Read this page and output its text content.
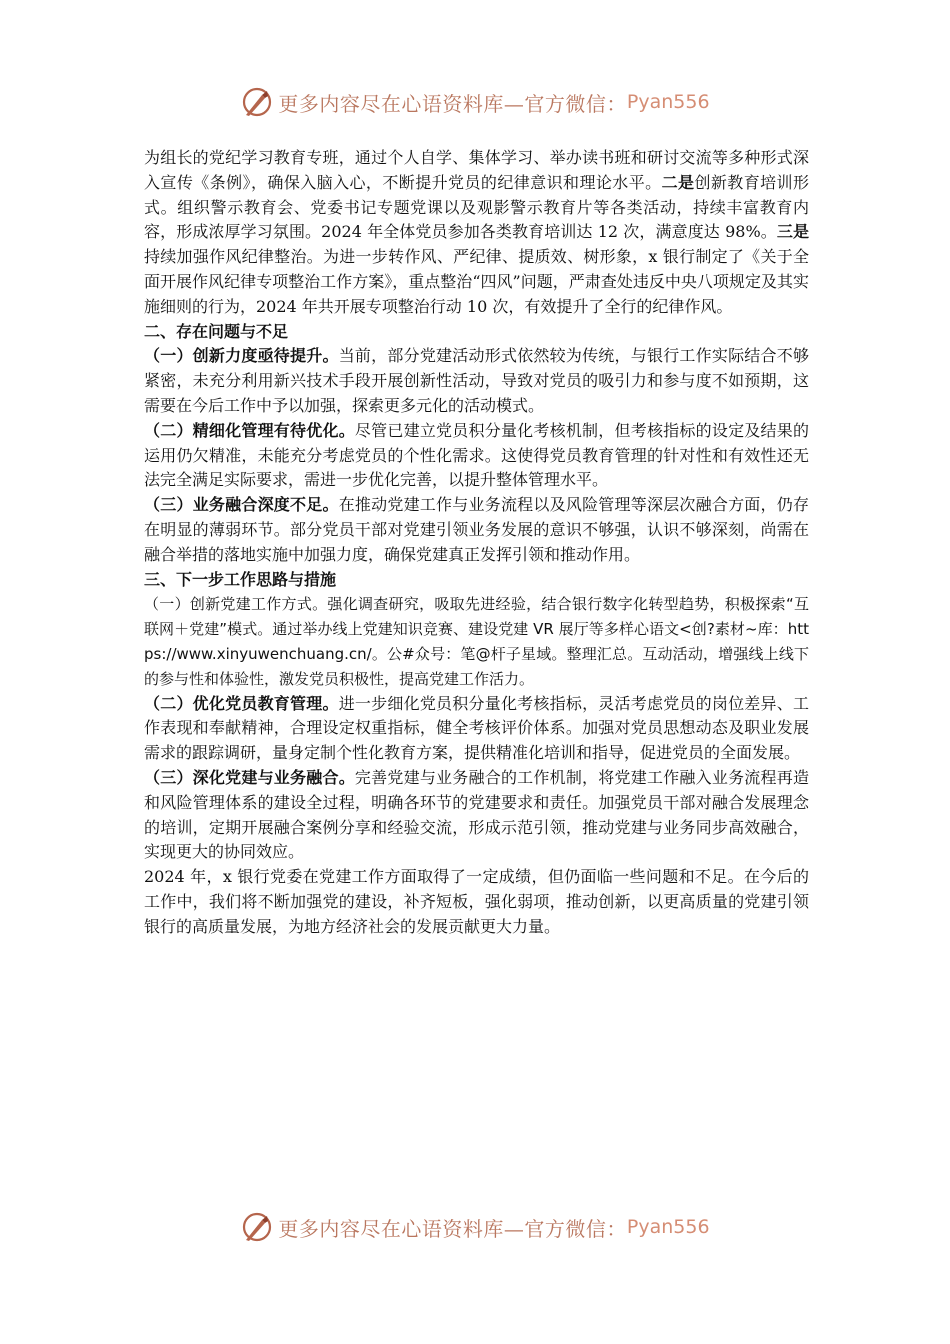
更多内容尽在心语资料库—官方微信： Pyan556

为组长的党纪学习教育专班，通过个人自学、集体学习、举办读书班和研讨交流等多种形式深入宣传《条例》，确保入脑入心，不断提升党员的纪律意识和理论水平。二是创新教育培训形式。组织警示教育会、党委书记专题党课以及观影警示教育片等各类活动，持续丰富教育内容，形成浓厚学习氛围。2024 年全体党员参加各类教育培训达 12 次，满意度达 98%。三是持续加强作风纪律整治。为进一步转作风、严纪律、提质效、树形象，x 银行制定了《关于全面开展作风纪律专项整治工作方案》，重点整治“四风”问题，严肃查处违反中央八项规定及其实施细则的行为，2024 年共开展专项整治行动 10 次，有效提升了全行的纪律作风。

二、存在问题与不足

（一）创新力度亟待提升。当前，部分党建活动形式依然较为传统，与银行工作实际结合不够紧密，未充分利用新兴技术手段开展创新性活动，导致对党员的吸引力和参与度不如预期，这需要在今后工作中予以加强，探索更多元化的活动模式。

（二）精细化管理有待优化。尽管已建立党员积分量化考核机制，但考核指标的设定及结果的运用仍欠精准，未能充分考虑党员的个性化需求。这使得党员教育管理的针对性和有效性还无法完全满足实际要求，需进一步优化完善，以提升整体管理水平。

（三）业务融合深度不足。在推动党建工作与业务流程以及风险管理等深层次融合方面，仍存在明显的薄弱环节。部分党员干部对党建引领业务发展的意识不够强，认识不够深刻，尚需在融合举措的落地实施中加强力度，确保党建真正发挥引领和推动作用。

三、下一步工作思路与措施

（一）创新党建工作方式。强化调查研究，吸取先进经验，结合银行数字化转型趋势，积极探索“互联网＋党建”模式。通过举办线上党建知识竞赛、建设党建 VR 展厅等多样心语文<创?素材~库：https://www.xinyuwenchuang.cn/。公#众号：笔@杆子星域。整理汇总。互动活动，增强线上线下的参与性和体验性，激发党员积极性，提高党建工作活力。

（二）优化党员教育管理。进一步细化党员积分量化考核指标，灵活考虑党员的岗位差异、工作表现和奉献精神，合理设定权重指标，健全考核评价体系。加强对党员思想动态及职业发展需求的跟踪调研，量身定制个性化教育方案，提供精准化培训和指导，促进党员的全面发展。

（三）深化党建与业务融合。完善党建与业务融合的工作机制，将党建工作融入业务流程再造和风险管理体系的建设全过程，明确各环节的党建要求和责任。加强党员干部对融合发展理念的培训，定期开展融合案例分享和经验交流，形成示范引领，推动党建与业务同步高效融合，实现更大的协同效应。

2024 年，x 银行党委在党建工作方面取得了一定成绩，但仍面临一些问题和不足。在今后的工作中，我们将不断加强党的建设，补齐短板，强化弱项，推动创新，以更高质量的党建引领银行的高质量发展，为地方经济社会的发展贡献更大力量。

更多内容尽在心语资料库—官方微信： Pyan556
